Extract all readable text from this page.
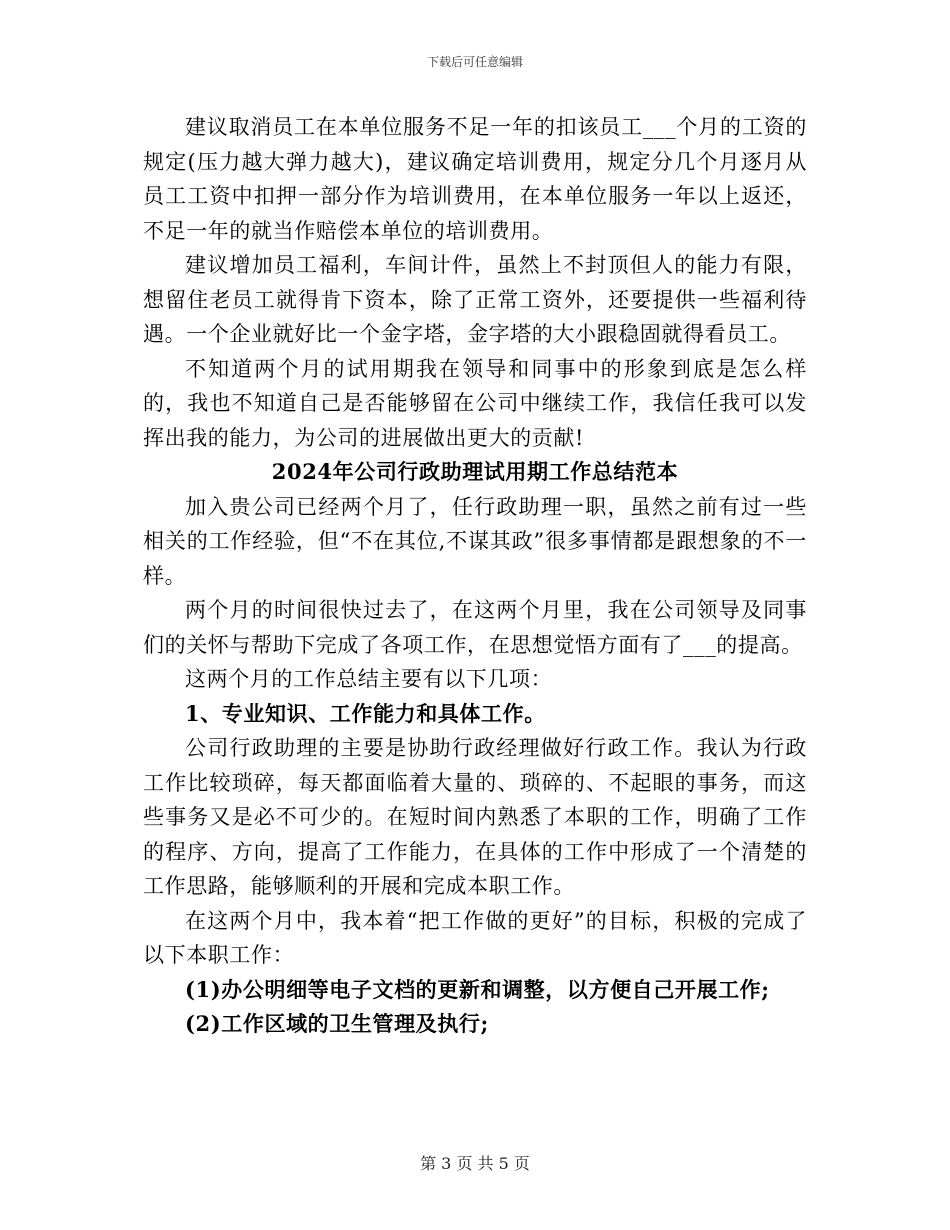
下载后可任意编辑

建议取消员工在本单位服务不足一年的扣该员工___个月的工资的规定(压力越大弹力越大)，建议确定培训费用，规定分几个月逐月从员工工资中扣押一部分作为培训费用，在本单位服务一年以上返还，不足一年的就当作赔偿本单位的培训费用。

建议增加员工福利，车间计件，虽然上不封顶但人的能力有限，想留住老员工就得肯下资本，除了正常工资外，还要提供一些福利待遇。一个企业就好比一个金字塔，金字塔的大小跟稳固就得看员工。

不知道两个月的试用期我在领导和同事中的形象到底是怎么样的，我也不知道自己是否能够留在公司中继续工作，我信任我可以发挥出我的能力，为公司的进展做出更大的贡献!

2024年公司行政助理试用期工作总结范本

加入贵公司已经两个月了，任行政助理一职，虽然之前有过一些相关的工作经验，但“不在其位,不谋其政”很多事情都是跟想象的不一样。

两个月的时间很快过去了，在这两个月里，我在公司领导及同事们的关怀与帮助下完成了各项工作，在思想觉悟方面有了___的提高。

这两个月的工作总结主要有以下几项：

1、专业知识、工作能力和具体工作。

公司行政助理的主要是协助行政经理做好行政工作。我认为行政工作比较琐碎，每天都面临着大量的、琐碎的、不起眼的事务，而这些事务又是必不可少的。在短时间内熟悉了本职的工作，明确了工作的程序、方向，提高了工作能力，在具体的工作中形成了一个清楚的工作思路，能够顺利的开展和完成本职工作。

在这两个月中，我本着“把工作做的更好”的目标，积极的完成了以下本职工作：

(1)办公明细等电子文档的更新和调整，以方便自己开展工作;

(2)工作区域的卫生管理及执行;

第 3 页 共 5 页
